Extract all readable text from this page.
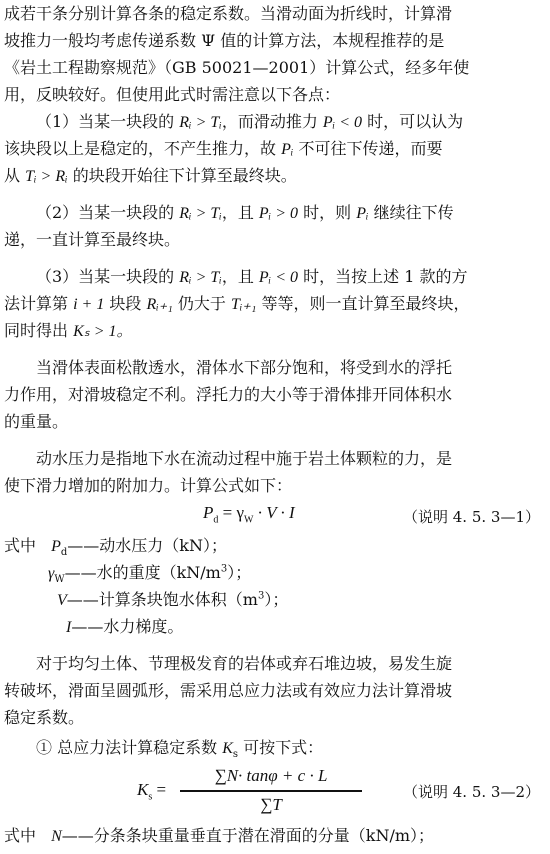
成若干条分别计算各条的稳定系数。当滑动面为折线时，计算滑
坡推力一般均考虑传递系数 Ψ 值的计算方法，本规程推荐的是
《岩土工程勘察规范》（GB 50021—2001）计算公式，经多年使
用，反映较好。但使用此式时需注意以下各点：
（1）当某一块段的 Rᵢ > Tᵢ，而滑动推力 Pᵢ < 0 时，可以认为
该块段以上是稳定的，不产生推力，故 Pᵢ 不可往下传递，而要
从 Tᵢ > Rᵢ 的块段开始往下计算至最终块。
（2）当某一块段的 Rᵢ > Tᵢ，且 Pᵢ > 0 时，则 Pᵢ 继续往下传
递，一直计算至最终块。
（3）当某一块段的 Rᵢ > Tᵢ，且 Pᵢ < 0 时，当按上述 1 款的方
法计算第 i + 1 块段 Rᵢ₊₁ 仍大于 Tᵢ₊₁ 等等，则一直计算至最终块，
同时得出 Kₛ > 1。
当滑体表面松散透水，滑体水下部分饱和，将受到水的浮托
力作用，对滑坡稳定不利。浮托力的大小等于滑体排开同体积水
的重量。
动水压力是指地下水在流动过程中施于岩土体颗粒的力，是
使下滑力增加的附加力。计算公式如下：
$P_d = \gamma_W \cdot V \cdot I$	（说明 4. 5. 3—1）
式中 $P_d——$动水压力（kN）；
$\gamma_W——$水的重度$(kN/m^3)$；
V——计算条块饱水体积$(m^3)$；
I——水力梯度。
对于均匀土体、节理极发育的岩体或弃石堆边坡，易发生旋
转破坏，滑面呈圆弧形，需采用总应力法或有效应力法计算滑坡
稳定系数。
① 总应力法计算稳定系数 $K_s$ 可按下式：
$K_s$ =
∑N· tanφ + c · L
∑T
（说明 4. 5. 3—2）
式中 N——分条条块重量垂直于潜在滑面的分量（kN/m）；
